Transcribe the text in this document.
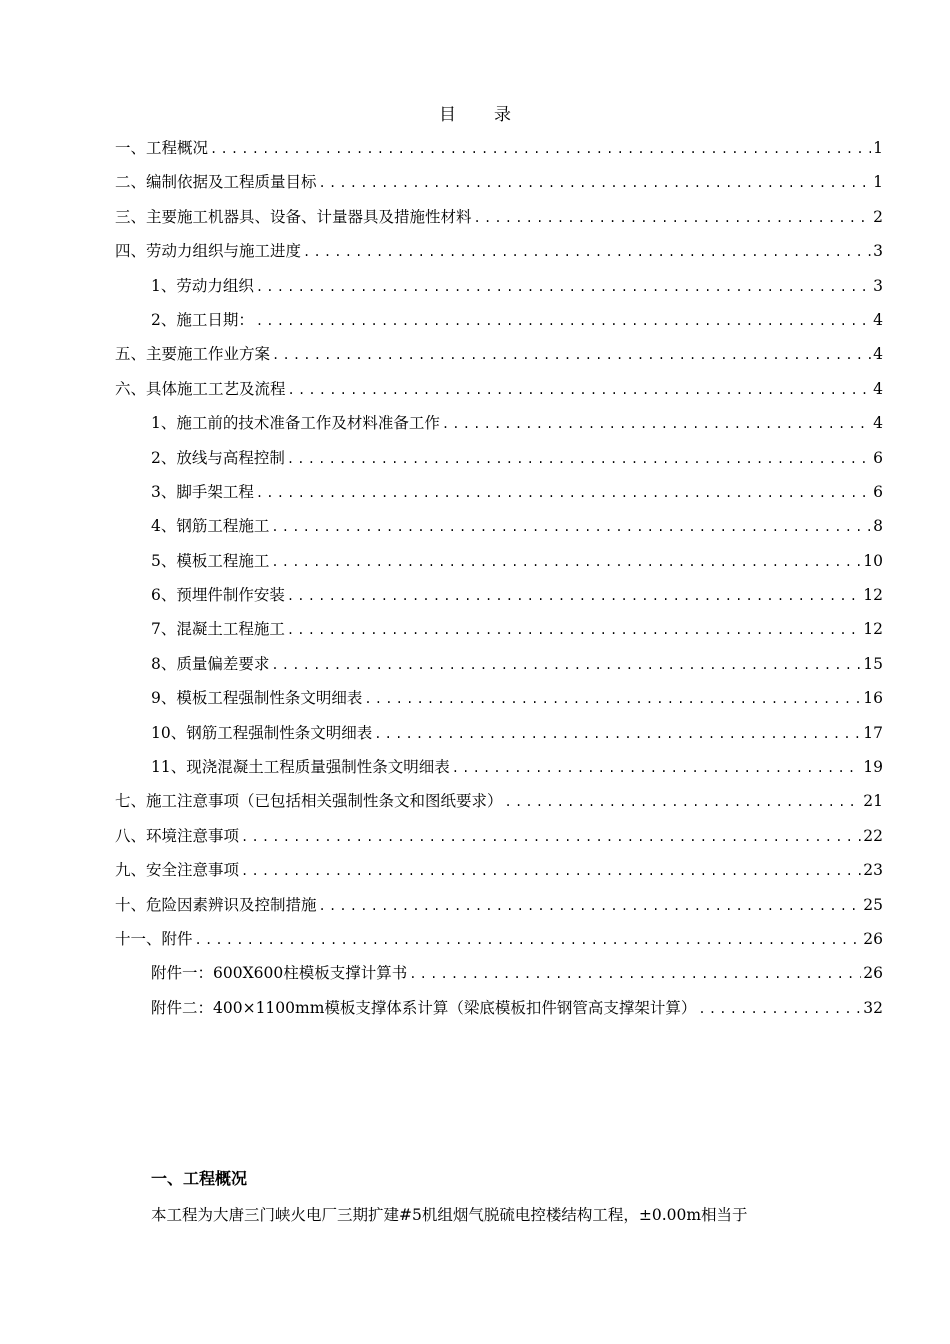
目录
一、工程概况 .....	1
二、编制依据及工程质量目标 .....	1
三、主要施工机器具、设备、计量器具及措施性材料 .....	2
四、劳动力组织与施工进度 .....	3
1、劳动力组织 .....	3
2、施工日期： .....	4
五、主要施工作业方案 .....	4
六、具体施工工艺及流程 .....	4
1、施工前的技术准备工作及材料准备工作 .....	4
2、放线与高程控制 .....	6
3、脚手架工程 .....	6
4、钢筋工程施工 .....	8
5、模板工程施工 .....	10
6、预埋件制作安装 .....	12
7、混凝土工程施工 .....	12
8、质量偏差要求 .....	15
9、模板工程强制性条文明细表 .....	16
10、钢筋工程强制性条文明细表 .....	17
11、现浇混凝土工程质量强制性条文明细表 .....	19
七、施工注意事项（已包括相关强制性条文和图纸要求） .....	21
八、环境注意事项 .....	22
九、安全注意事项 .....	23
十、危险因素辨识及控制措施 .....	25
十一、附件 .....	26
附件一：600X600柱模板支撑计算书 .....	26
附件二：400×1100mm模板支撑体系计算（梁底模板扣件钢管高支撑架计算） .....	32
一、工程概况
本工程为大唐三门峡火电厂三期扩建#5机组烟气脱硫电控楼结构工程，±0.00m相当于
